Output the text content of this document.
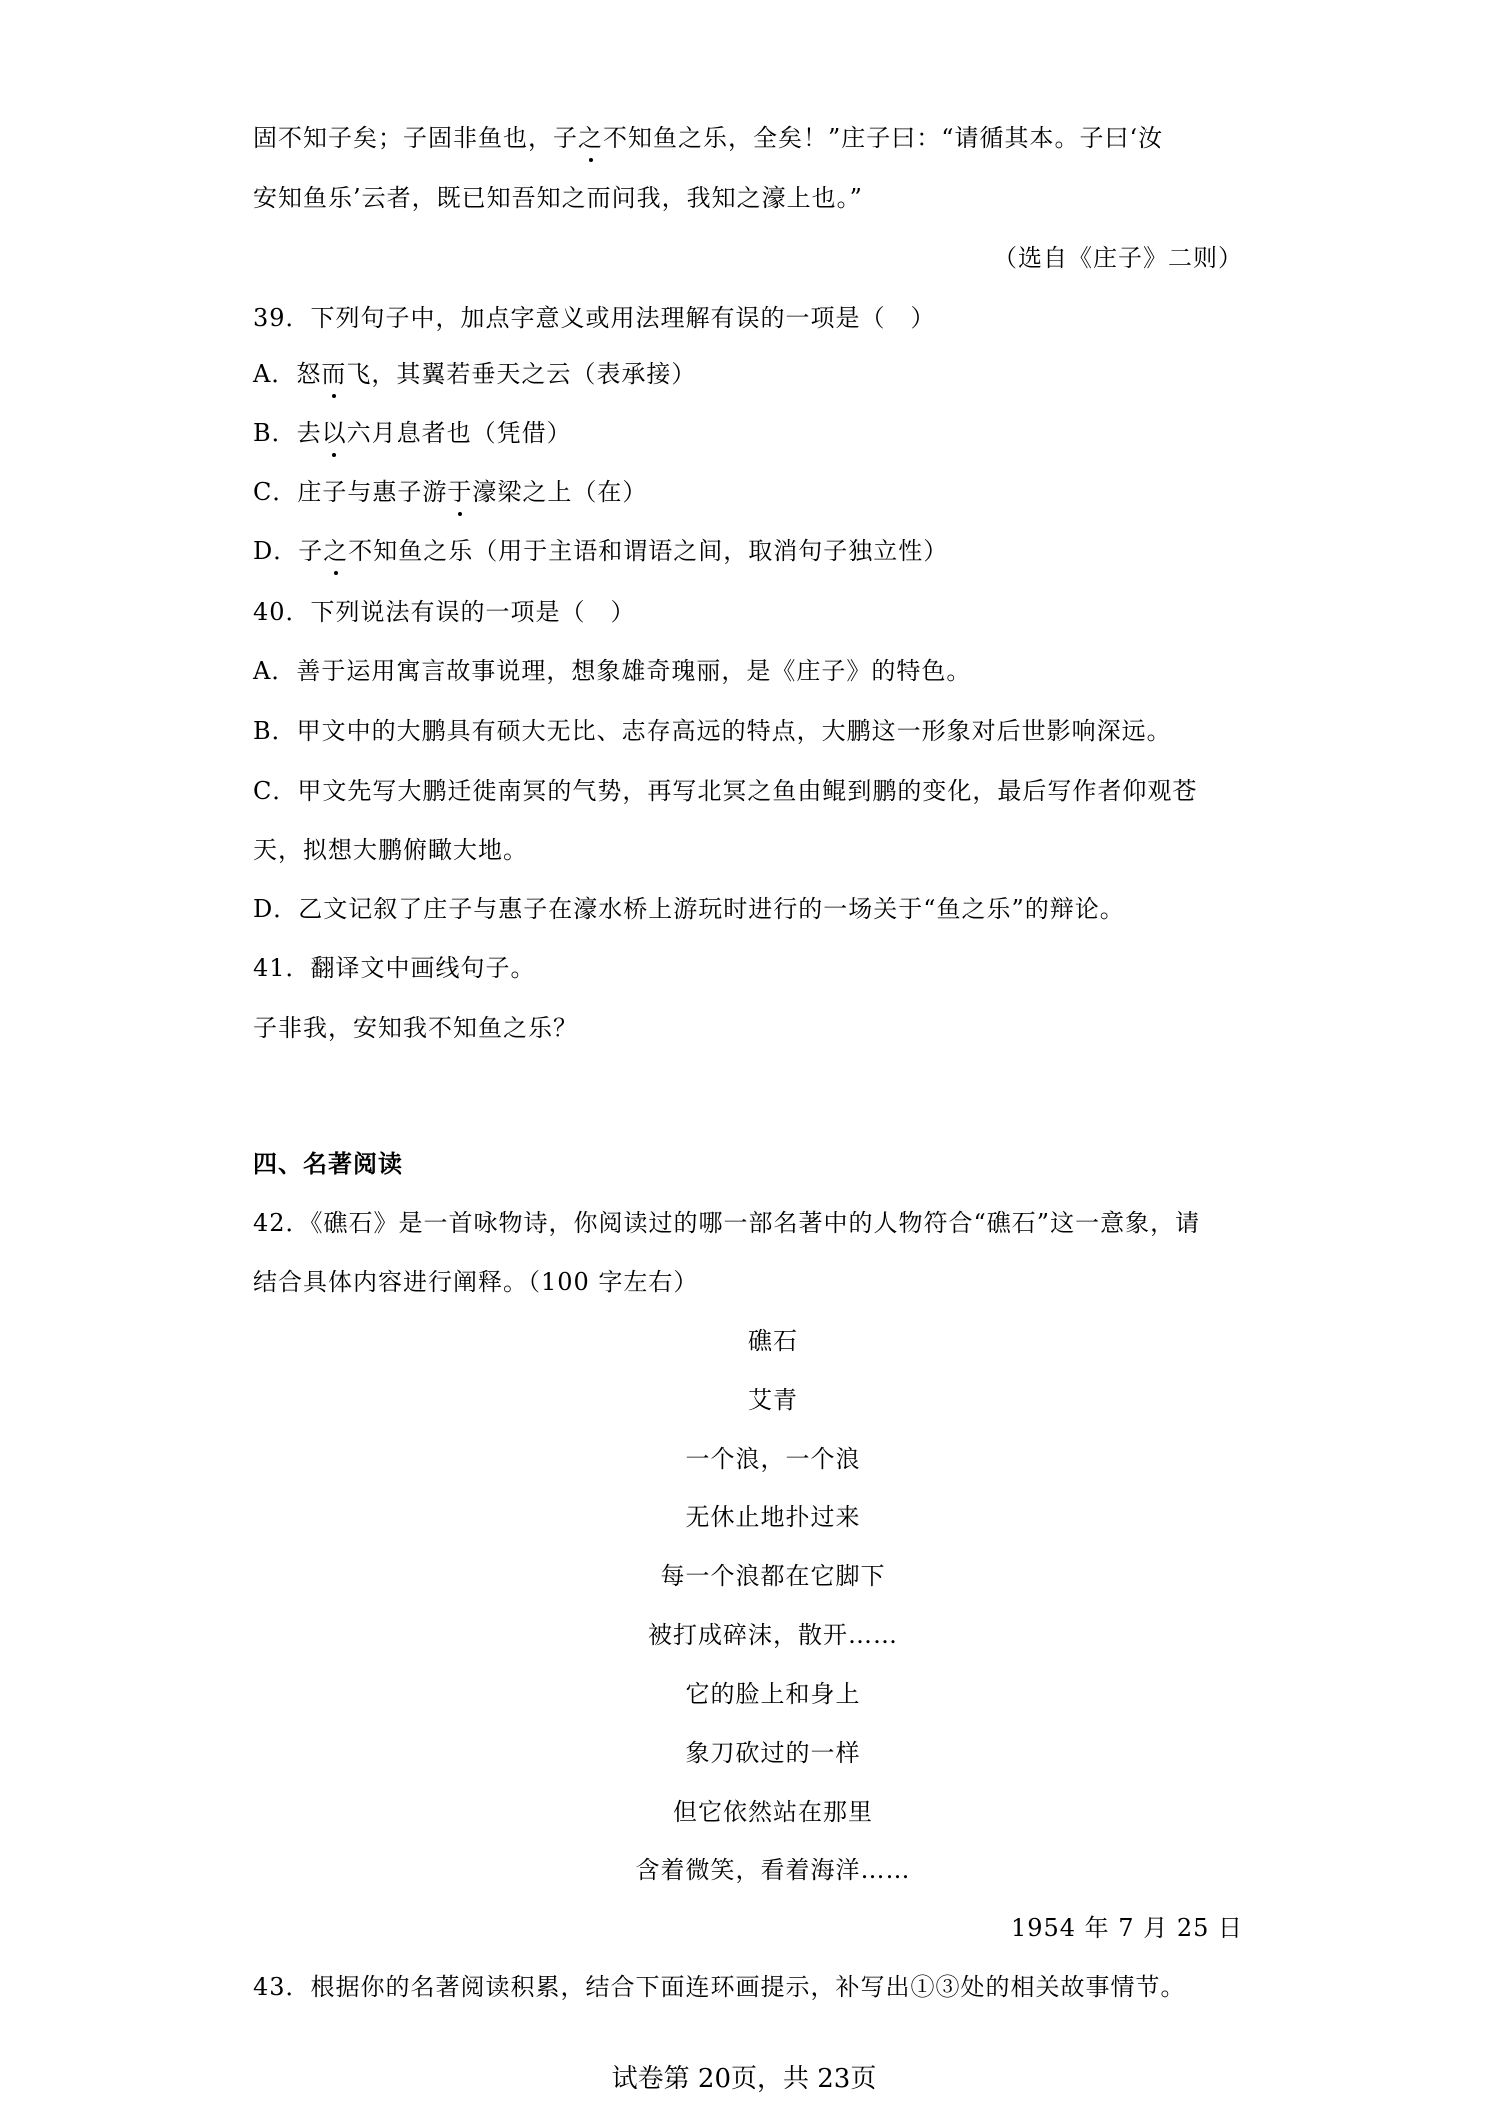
固不知子矣；子固非鱼也，子之不知鱼之乐，全矣！”庄子曰：“请循其本。子曰‘汝
安知鱼乐’云者，既已知吾知之而问我，我知之濠上也。”
（选自《庄子》二则）
39．下列句子中，加点字意义或用法理解有误的一项是（　）
A．怒而飞，其翼若垂天之云（表承接）
B．去以六月息者也（凭借）
C．庄子与惠子游于濠梁之上（在）
D．子之不知鱼之乐（用于主语和谓语之间，取消句子独立性）
40．下列说法有误的一项是（　）
A．善于运用寓言故事说理，想象雄奇瑰丽，是《庄子》的特色。
B．甲文中的大鹏具有硕大无比、志存高远的特点，大鹏这一形象对后世影响深远。
C．甲文先写大鹏迁徙南冥的气势，再写北冥之鱼由鲲到鹏的变化，最后写作者仰观苍
天，拟想大鹏俯瞰大地。
D．乙文记叙了庄子与惠子在濠水桥上游玩时进行的一场关于“鱼之乐”的辩论。
41．翻译文中画线句子。
子非我，安知我不知鱼之乐？
四、名著阅读
42．《礁石》是一首咏物诗，你阅读过的哪一部名著中的人物符合“礁石”这一意象，请
结合具体内容进行阐释。（100 字左右）
礁石
艾青
一个浪，一个浪
无休止地扑过来
每一个浪都在它脚下
被打成碎沫，散开……
它的脸上和身上
象刀砍过的一样
但它依然站在那里
含着微笑，看着海洋……
1954 年 7 月 25 日
43．根据你的名著阅读积累，结合下面连环画提示，补写出①③处的相关故事情节。
试卷第 20页，共 23页
